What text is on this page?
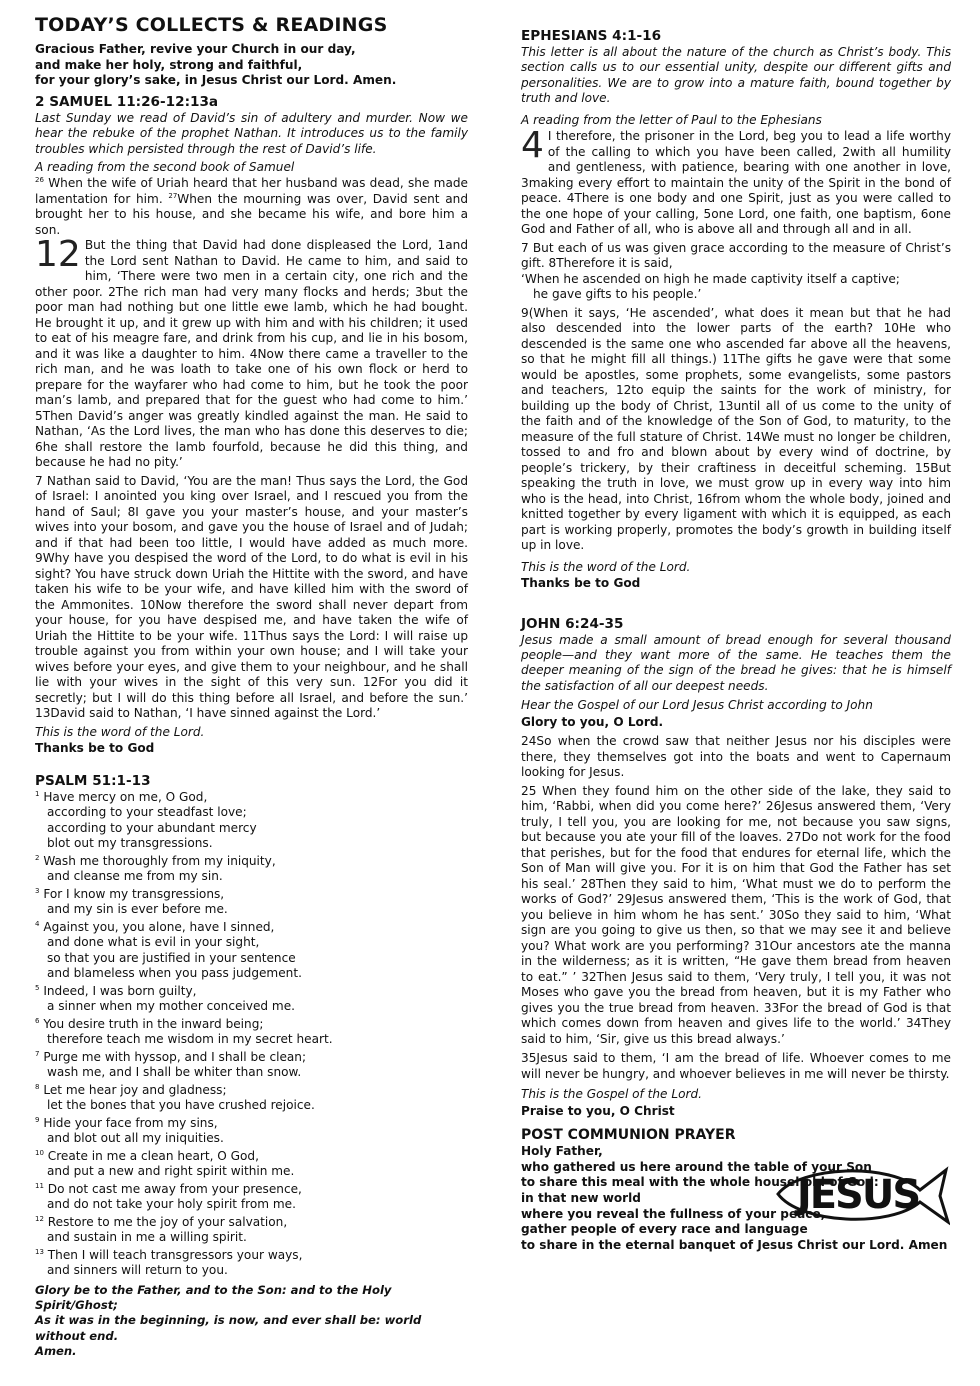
TODAY’S COLLECTS & READINGS
Gracious Father, revive your Church in our day,
and make her holy, strong and faithful,
for your glory’s sake, in Jesus Christ our Lord. Amen.
2 SAMUEL 11:26-12:13a

Last Sunday we read of David’s sin of adultery and murder. Now we hear the rebuke of the prophet Nathan. It introduces us to the family troubles which persisted through the rest of David’s life.

A reading from the second book of Samuel

$^{26}$ When the wife of Uriah heard that her husband was dead, she made lamentation for him. $^{27}$When the mourning was over, David sent and brought her to his house, and she became his wife, and bore him a son.

12 But the thing that David had done displeased the Lord, 1and the Lord sent Nathan to David. He came to him, and said to him, ‘There were two men in a certain city, one rich and the other poor. 2The rich man had very many flocks and herds; 3but the poor man had nothing but one little ewe lamb, which he had bought. He brought it up, and it grew up with him and with his children; it used to eat of his meagre fare, and drink from his cup, and lie in his bosom, and it was like a daughter to him. 4Now there came a traveller to the rich man, and he was loath to take one of his own flock or herd to prepare for the wayfarer who had come to him, but he took the poor man’s lamb, and prepared that for the guest who had come to him.’ 5Then David’s anger was greatly kindled against the man. He said to Nathan, ‘As the Lord lives, the man who has done this deserves to die; 6he shall restore the lamb fourfold, because he did this thing, and because he had no pity.’

7 Nathan said to David, ‘You are the man! Thus says the Lord, the God of Israel: I anointed you king over Israel, and I rescued you from the hand of Saul; 8I gave you your master’s house, and your master’s wives into your bosom, and gave you the house of Israel and of Judah; and if that had been too little, I would have added as much more. 9Why have you despised the word of the Lord, to do what is evil in his sight? You have struck down Uriah the Hittite with the sword, and have taken his wife to be your wife, and have killed him with the sword of the Ammonites. 10Now therefore the sword shall never depart from your house, for you have despised me, and have taken the wife of Uriah the Hittite to be your wife. 11Thus says the Lord: I will raise up trouble against you from within your own house; and I will take your wives before your eyes, and give them to your neighbour, and he shall lie with your wives in the sight of this very sun. 12For you did it secretly; but I will do this thing before all Israel, and before the sun.’ 13David said to Nathan, ‘I have sinned against the Lord.’

This is the word of the Lord.

Thanks be to God
PSALM 51:1-13
$^1$ Have mercy on me, O God,
according to your steadfast love;
according to your abundant mercy
blot out my transgressions.
$^2$ Wash me thoroughly from my iniquity,
and cleanse me from my sin.
$^3$ For I know my transgressions,
and my sin is ever before me.
$^4$ Against you, you alone, have I sinned,
and done what is evil in your sight,
so that you are justified in your sentence
and blameless when you pass judgement.
$^5$ Indeed, I was born guilty,
a sinner when my mother conceived me.
$^6$ You desire truth in the inward being;
therefore teach me wisdom in my secret heart.
$^7$ Purge me with hyssop, and I shall be clean;
wash me, and I shall be whiter than snow.
$^8$ Let me hear joy and gladness;
let the bones that you have crushed rejoice.
$^9$ Hide your face from my sins,
and blot out all my iniquities.
$^{10}$ Create in me a clean heart, O God,
and put a new and right spirit within me.
$^{11}$ Do not cast me away from your presence,
and do not take your holy spirit from me.
$^{12}$ Restore to me the joy of your salvation,
and sustain in me a willing spirit.
$^{13}$ Then I will teach transgressors your ways,
and sinners will return to you.
Glory be to the Father, and to the Son: and to the Holy Spirit/Ghost;
As it was in the beginning, is now, and ever shall be: world without end.
Amen.
EPHESIANS 4:1-16

This letter is all about the nature of the church as Christ’s body. This section calls us to our essential unity, despite our different gifts and personalities. We are to grow into a mature faith, bound together by truth and love.

A reading from the letter of Paul to the Ephesians

4 I therefore, the prisoner in the Lord, beg you to lead a life worthy of the calling to which you have been called, 2with all humility and gentleness, with patience, bearing with one another in love, 3making every effort to maintain the unity of the Spirit in the bond of peace. 4There is one body and one Spirit, just as you were called to the one hope of your calling, 5one Lord, one faith, one baptism, 6one God and Father of all, who is above all and through all and in all.

7 But each of us was given grace according to the measure of Christ’s gift. 8Therefore it is said,

‘When he ascended on high he made captivity itself a captive;
he gave gifts to his people.’

9(When it says, ‘He ascended’, what does it mean but that he had also descended into the lower parts of the earth? 10He who descended is the same one who ascended far above all the heavens, so that he might fill all things.) 11The gifts he gave were that some would be apostles, some prophets, some evangelists, some pastors and teachers, 12to equip the saints for the work of ministry, for building up the body of Christ, 13until all of us come to the unity of the faith and of the knowledge of the Son of God, to maturity, to the measure of the full stature of Christ. 14We must no longer be children, tossed to and fro and blown about by every wind of doctrine, by people’s trickery, by their craftiness in deceitful scheming. 15But speaking the truth in love, we must grow up in every way into him who is the head, into Christ, 16from whom the whole body, joined and knitted together by every ligament with which it is equipped, as each part is working properly, promotes the body’s growth in building itself up in love.

This is the word of the Lord.

Thanks be to God
JOHN 6:24-35

Jesus made a small amount of bread enough for several thousand people—and they want more of the same. He teaches them the deeper meaning of the sign of the bread he gives: that he is himself the satisfaction of all our deepest needs.

Hear the Gospel of our Lord Jesus Christ according to John

Glory to you, O Lord.

24So when the crowd saw that neither Jesus nor his disciples were there, they themselves got into the boats and went to Capernaum looking for Jesus.

25 When they found him on the other side of the lake, they said to him, ‘Rabbi, when did you come here?’ 26Jesus answered them, ‘Very truly, I tell you, you are looking for me, not because you saw signs, but because you ate your fill of the loaves. 27Do not work for the food that perishes, but for the food that endures for eternal life, which the Son of Man will give you. For it is on him that God the Father has set his seal.’ 28Then they said to him, ‘What must we do to perform the works of God?’ 29Jesus answered them, ‘This is the work of God, that you believe in him whom he has sent.’ 30So they said to him, ‘What sign are you going to give us then, so that we may see it and believe you? What work are you performing? 31Our ancestors ate the manna in the wilderness; as it is written, “He gave them bread from heaven to eat.” ’ 32Then Jesus said to them, ‘Very truly, I tell you, it was not Moses who gave you the bread from heaven, but it is my Father who gives you the true bread from heaven. 33For the bread of God is that which comes down from heaven and gives life to the world.’ 34They said to him, ‘Sir, give us this bread always.’

35Jesus said to them, ‘I am the bread of life. Whoever comes to me will never be hungry, and whoever believes in me will never be thirsty.

This is the Gospel of the Lord.

Praise to you, O Christ
POST COMMUNION PRAYER
Holy Father,
who gathered us here around the table of your Son
to share this meal with the whole household of God:
in that new world
where you reveal the fullness of your peace,
gather people of every race and language
to share in the eternal banquet of Jesus Christ our Lord. Amen
JESUS
